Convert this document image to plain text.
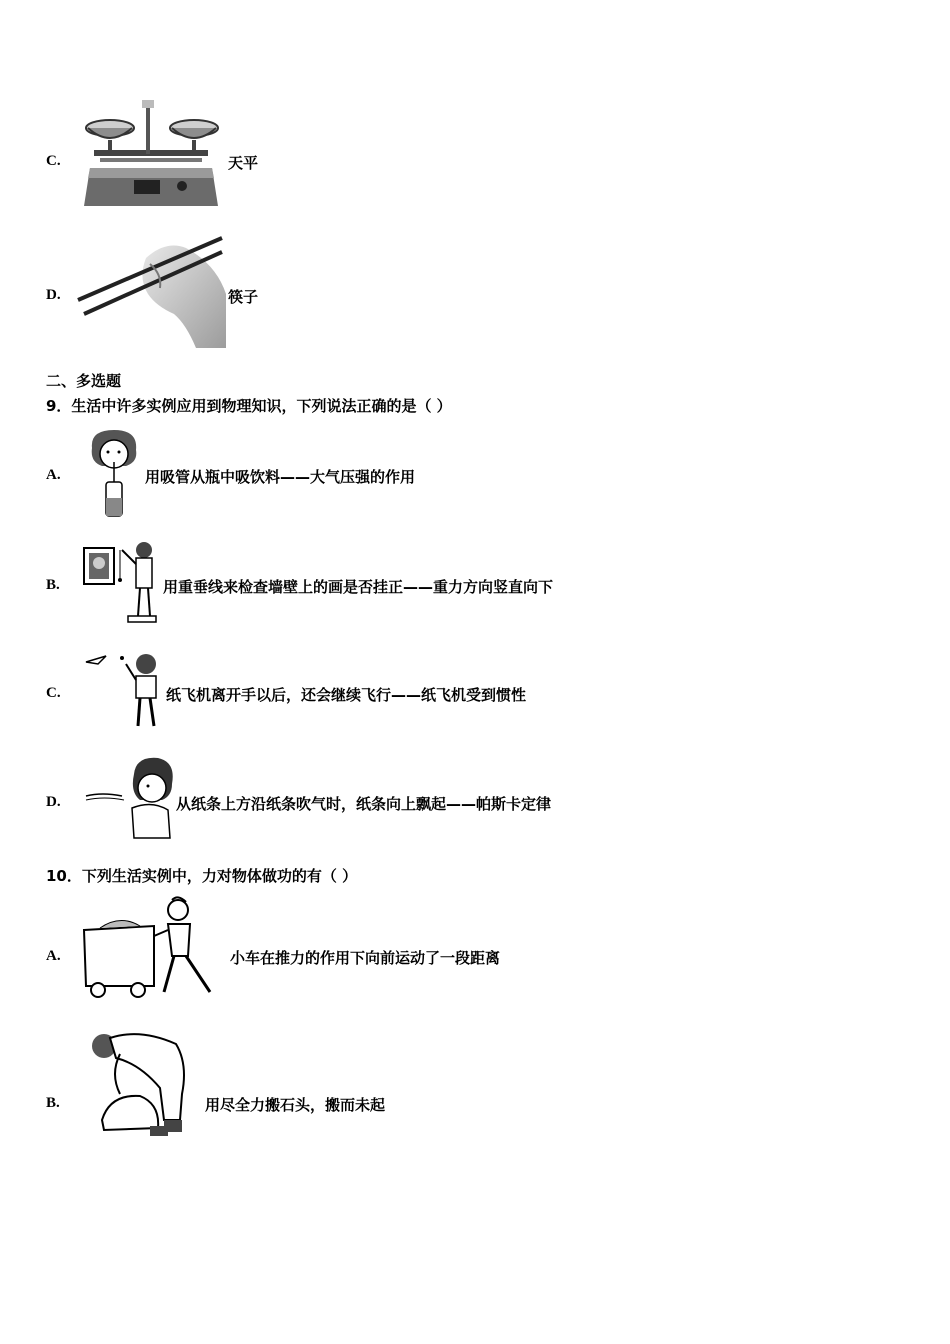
C.	天平
D.	筷子
二、多选题
9．生活中许多实例应用到物理知识，下列说法正确的是（ ）
A.	用吸管从瓶中吸饮料——大气压强的作用
B.	用重垂线来检查墙壁上的画是否挂正——重力方向竖直向下
C.	纸飞机离开手以后，还会继续飞行——纸飞机受到惯性
D.	从纸条上方沿纸条吹气时，纸条向上飘起——帕斯卡定律
10．下列生活实例中，力对物体做功的有（ ）
A.	小车在推力的作用下向前运动了一段距离
B.	用尽全力搬石头，搬而未起
